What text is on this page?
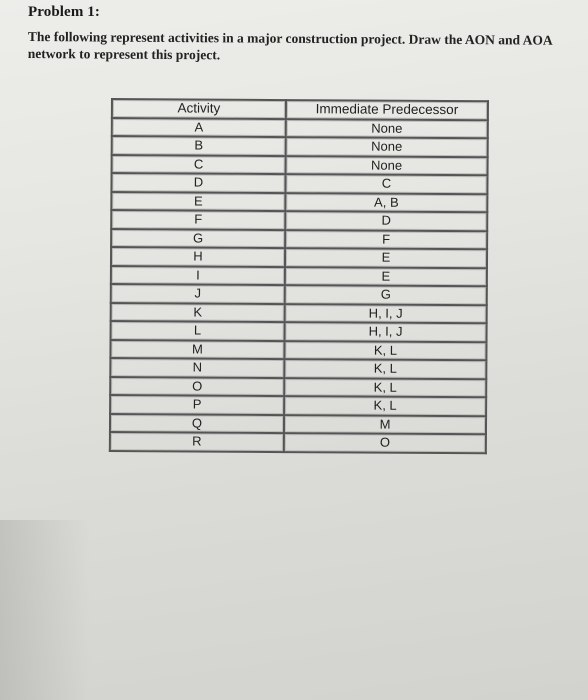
Problem 1:
The following represent activities in a major construction project. Draw the AON and AOA network to represent this project.
Activity	Immediate Predecessor
A	None
B	None
C	None
D	C
E	A, B
F	D
G	F
H	E
I	E
J	G
K	H, I, J
L	H, I, J
M	K, L
N	K, L
O	K, L
P	K, L
Q	M
R	O
